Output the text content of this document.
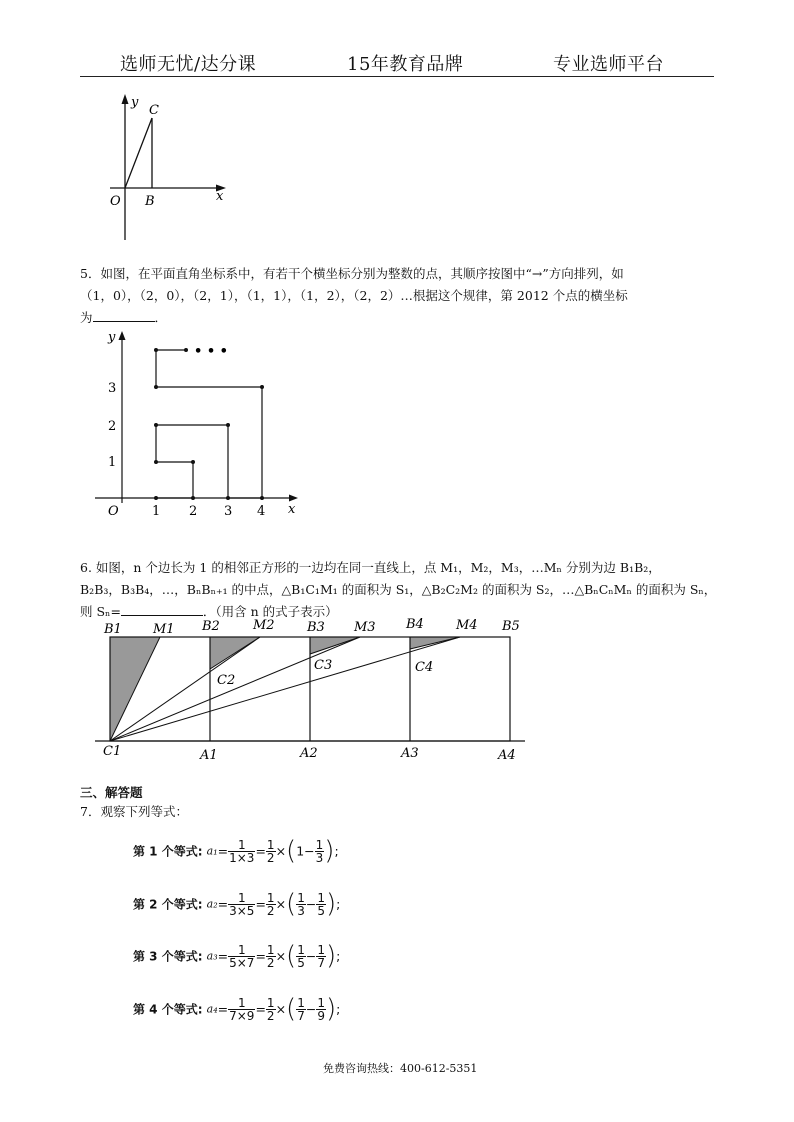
选师无忧/达分课	15年教育品牌	专业选师平台
y
C
x
O B
5．如图，在平面直角坐标系中，有若干个横坐标分别为整数的点，其顺序按图中“→”方向排列，如
（1，0），（2，0），（2，1），（1，1），（1，2），（2，2）…根据这个规律，第 2012 个点的横坐标
为	．
• • •
y
x
O	1 2 3 4
1
2
3
6. 如图，n 个边长为 1 的相邻正方形的一边均在同一直线上，点 M₁，M₂，M₃，…Mₙ 分别为边 B₁B₂，
B₂B₃，B₃B₄，…，BₙBₙ₊₁ 的中点，△B₁C₁M₁ 的面积为 S₁，△B₂C₂M₂ 的面积为 S₂，…△BₙCₙMₙ 的面积为 Sₙ，
则 Sₙ=	．（用含 n 的式子表示）
B1	B2	B3	B4	B5
M1	M2	M3	M4
C1
C2
C3	C4
A1	A2	A3	A4
三、解答题
7．观察下列等式：
第 1 个等式: $a_1= \frac{1}{1\times 3} = \frac{1}{2} \times(1- \frac{1}{3}$ );
第 2 个等式: $a_2= \frac{1}{3\times 5} = \frac{1}{2}$ ×( $\frac{1}{3} - \frac{1}{5}$ );
第 3 个等式: $a_3= \frac{1}{5\times 7} = \frac{1}{2}$ ×( $\frac{1}{5} - \frac{1}{7}$ );
第 4 个等式: $a_4= \frac{1}{7\times 9} = \frac{1}{2}$ ×( $\frac{1}{7} - \frac{1}{9}$ );
免费咨询热线：400-612-5351
